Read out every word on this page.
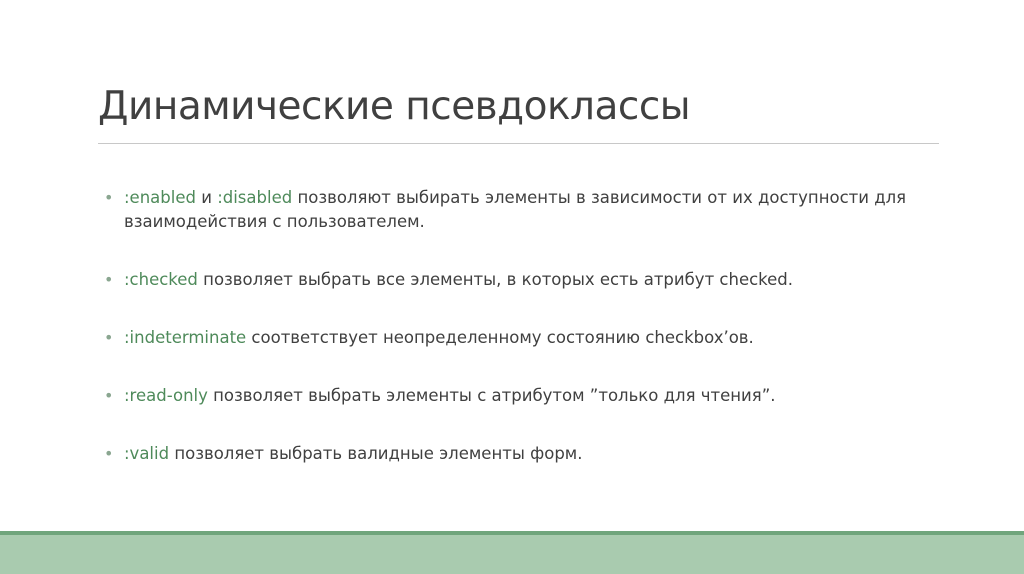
Динамические псевдоклассы
• :enabled и :disabled позволяют выбирать элементы в зависимости от их доступности для взаимодействия с пользователем.
• :checked позволяет выбрать все элементы, в которых есть атрибут checked.
• :indeterminate соответствует неопределенному состоянию checkbox’ов.
• :read-only позволяет выбрать элементы с атрибутом ”только для чтения”.
• :valid позволяет выбрать валидные элементы форм.
